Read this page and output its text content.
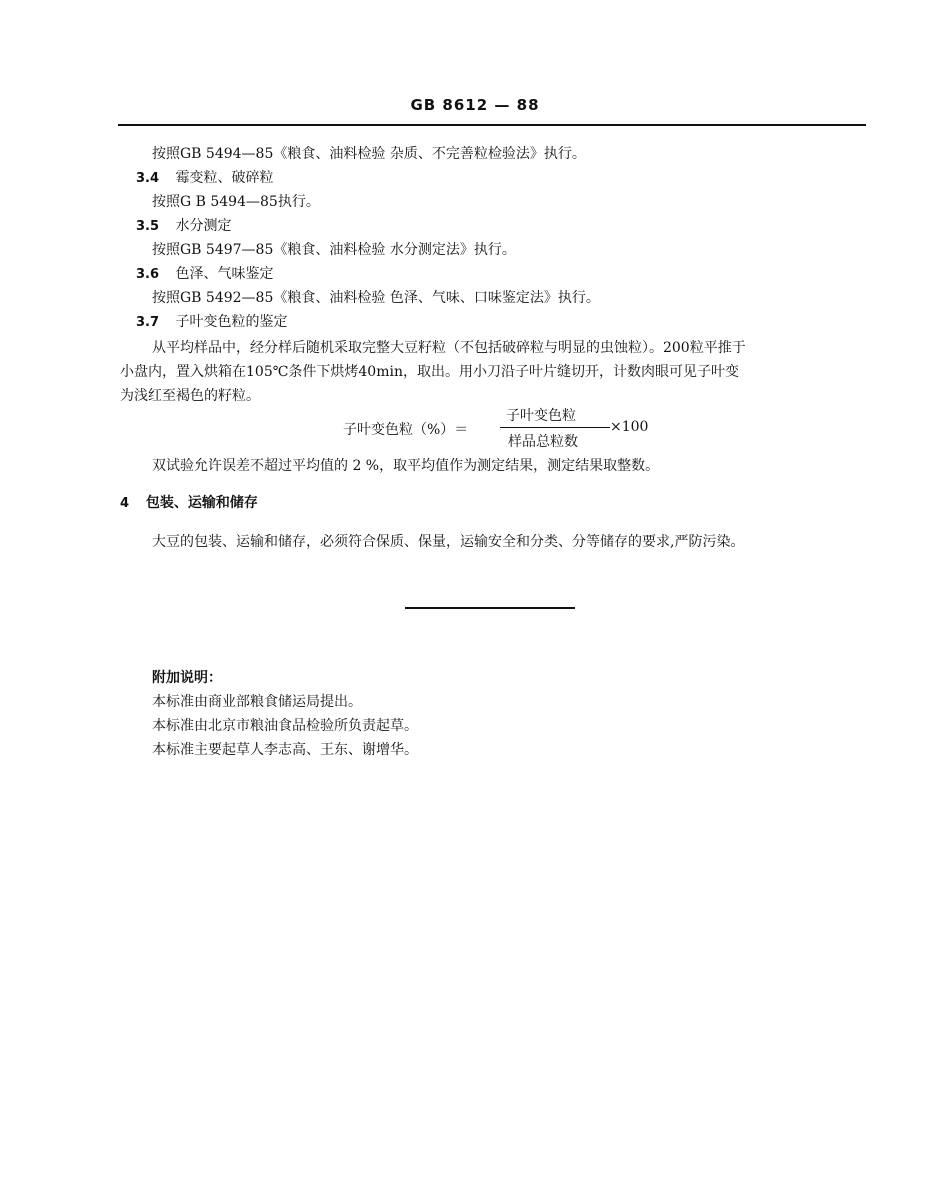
GB 8612 — 88
按照GB 5494—85《粮食、油料检验 杂质、不完善粒检验法》执行。
3.4 霉变粒、破碎粒
按照G B 5494—85执行。
3.5 水分测定
按照GB 5497—85《粮食、油料检验 水分测定法》执行。
3.6 色泽、气味鉴定
按照GB 5492—85《粮食、油料检验 色泽、气味、口味鉴定法》执行。
3.7 子叶变色粒的鉴定
从平均样品中，经分样后随机采取完整大豆籽粒（不包括破碎粒与明显的虫蚀粒）。200粒平推于
小盘内，置入烘箱在105℃条件下烘烤40min，取出。用小刀沿子叶片缝切开，计数肉眼可见子叶变
为浅红至褐色的籽粒。
子叶变色粒（%）＝
子叶变色粒
样品总粒数
×100
双试验允许误差不超过平均值的 2 %，取平均值作为测定结果，测定结果取整数。
4 包装、运输和储存
大豆的包装、运输和储存，必须符合保质、保量，运输安全和分类、分等储存的要求,严防污染。
附加说明：
本标准由商业部粮食储运局提出。
本标准由北京市粮油食品检验所负责起草。
本标准主要起草人李志高、王东、谢增华。
